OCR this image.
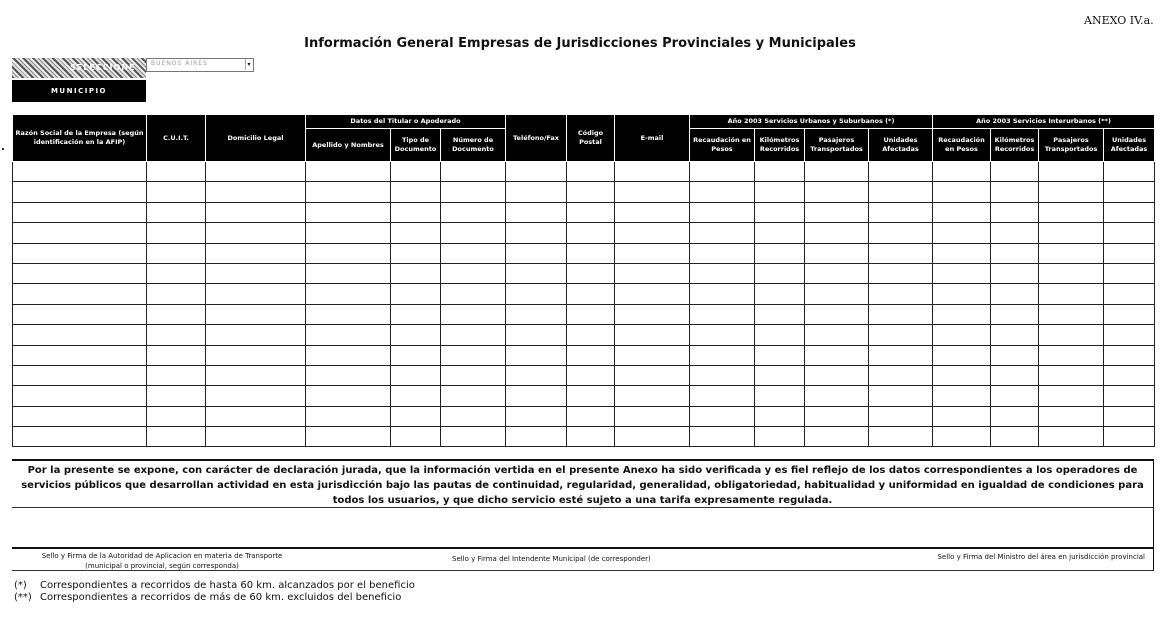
ANEXO IV.a.
Información General Empresas de Jurisdicciones Provinciales y Municipales
SELECCIONE	BUENOS AIRES	▾
MUNICIPIO
Razón Social de la Empresa (según identificación en la AFIP)	C.U.I.T.	Domicilio Legal	Datos del Titular o Apoderado			Teléfono/Fax	Código Postal	E-mail	Año 2003 Servicios Urbanos y Suburbanos (*)				Año 2003 Servicios Interurbanos (**)			
			Apellido y Nombres	Tipo de Documento	Número de Documento				Recaudación en Pesos	Kilómetros Recorridos	Pasajeros Transportados	Unidades Afectadas	Recaudación en Pesos	Kilómetros Recorridos	Pasajeros Transportados	Unidades Afectadas

Por la presente se expone, con carácter de declaración jurada, que la información vertida en el presente Anexo ha sido verificada y es fiel reflejo de los datos correspondientes a los operadores de servicios públicos que desarrollan actividad en esta jurisdicción bajo las pautas de continuidad, regularidad, generalidad, obligatoriedad, habitualidad y uniformidad en igualdad de condiciones para todos los usuarios, y que dicho servicio esté sujeto a una tarifa expresamente regulada.
Sello y Firma de la Autoridad de Aplicacion en materia de Transporte
(municipal o provincial, según corresponda)
Sello y Firma del Intendente Municipal (de corresponder)	Sello y Firma del Ministro del área en jurisdicción provincial
(*) Correspondientes a recorridos de hasta 60 km. alcanzados por el beneficio
(**) Correspondientes a recorridos de más de 60 km. excluidos del beneficio
